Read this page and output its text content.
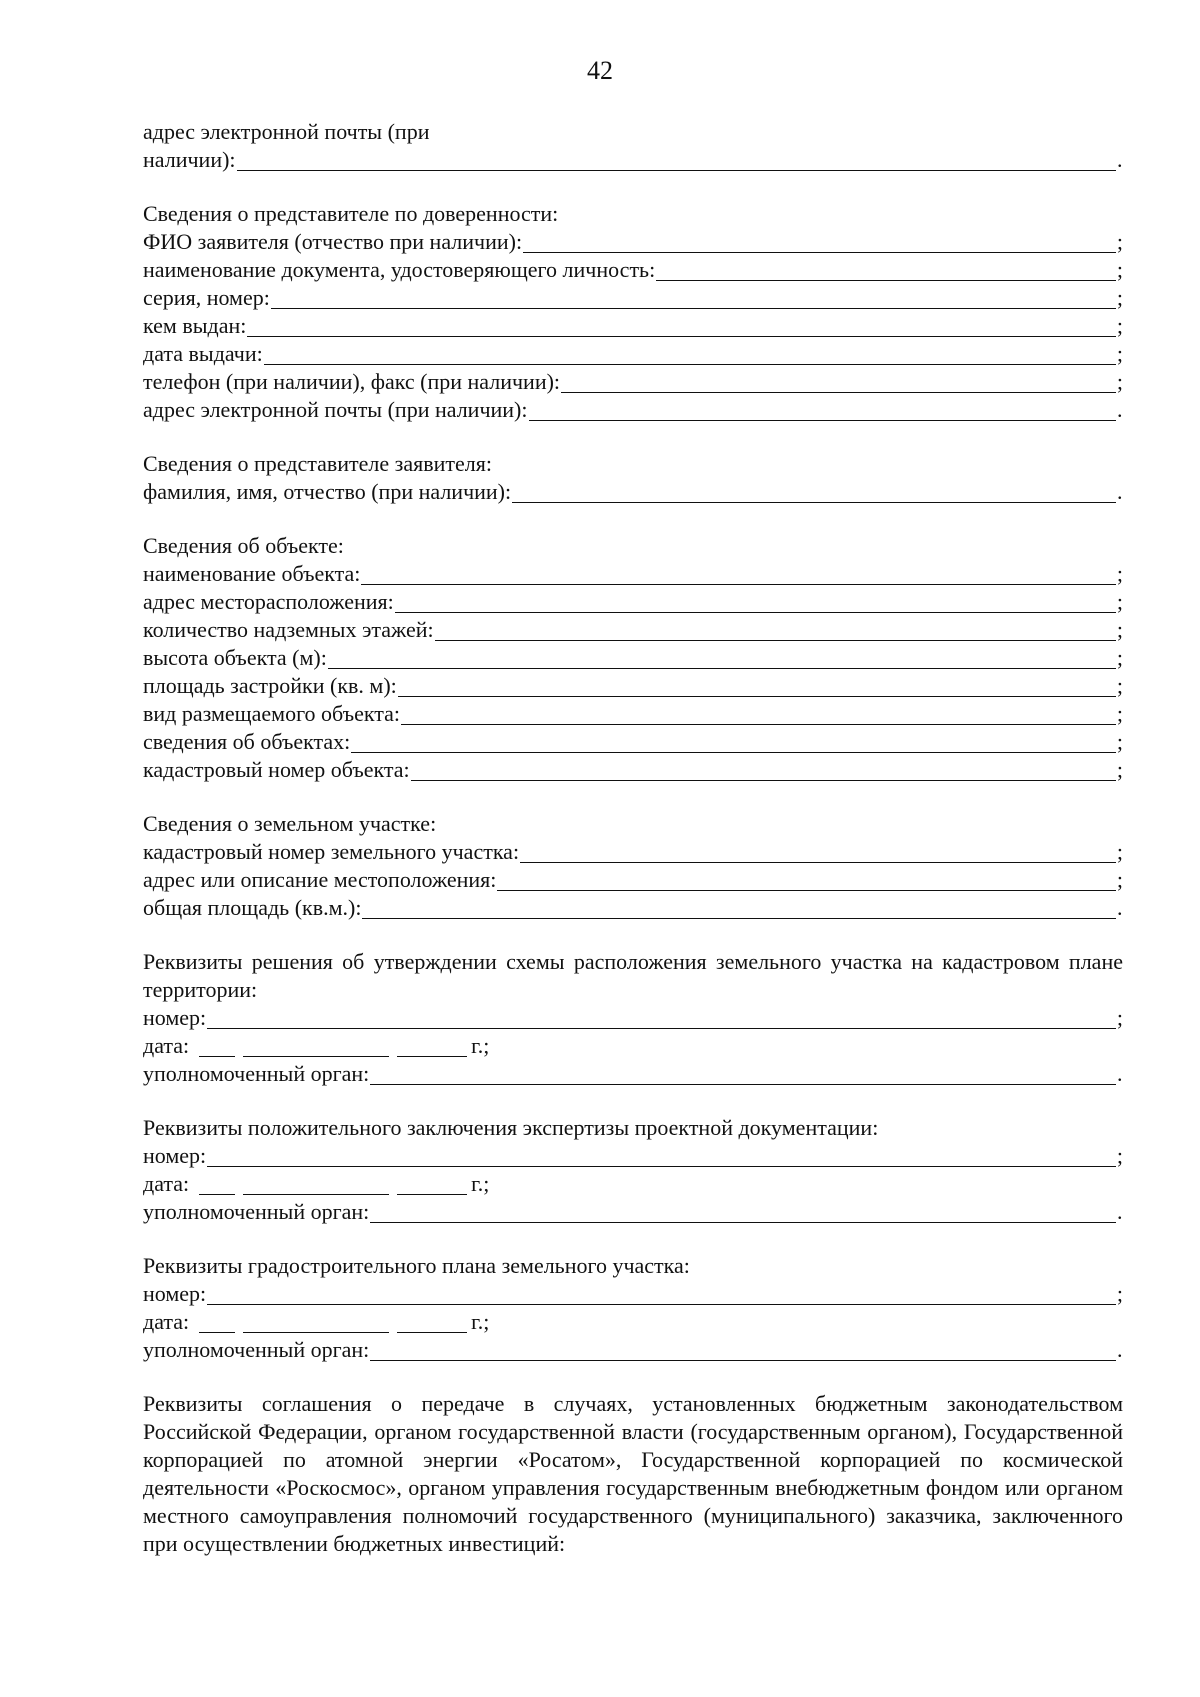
42
адрес электронной почты (при
наличии):	.
Сведения о представителе по доверенности:
ФИО заявителя (отчество при наличии):	;
наименование документа, удостоверяющего личность:	;
серия, номер:	;
кем выдан:	;
дата выдачи:	;
телефон (при наличии), факс (при наличии):	;
адрес электронной почты (при наличии):	.
Сведения о представителе заявителя:
фамилия, имя, отчество (при наличии):	.
Сведения об объекте:
наименование объекта:	;
адрес месторасположения:	;
количество надземных этажей:	;
высота объекта (м):	;
площадь застройки (кв. м):	;
вид размещаемого объекта:	;
сведения об объектах:	;
кадастровый номер объекта:	;
Сведения о земельном участке:
кадастровый номер земельного участка:	;
адрес или описание местоположения:	;
общая площадь (кв.м.):	.
Реквизиты решения об утверждении схемы расположения земельного участка на кадастровом плане территории:
номер:	;
дата:	г.;
уполномоченный орган:	.
Реквизиты положительного заключения экспертизы проектной документации:
номер:	;
дата:	г.;
уполномоченный орган:	.
Реквизиты градостроительного плана земельного участка:
номер:	;
дата:	г.;
уполномоченный орган:	.
Реквизиты соглашения о передаче в случаях, установленных бюджетным законодательством Российской Федерации, органом государственной власти (государственным органом), Государственной корпорацией по атомной энергии «Росатом», Государственной корпорацией по космической деятельности «Роскосмос», органом управления государственным внебюджетным фондом или органом местного самоуправления полномочий государственного (муниципального) заказчика, заключенного при осуществлении бюджетных инвестиций:
